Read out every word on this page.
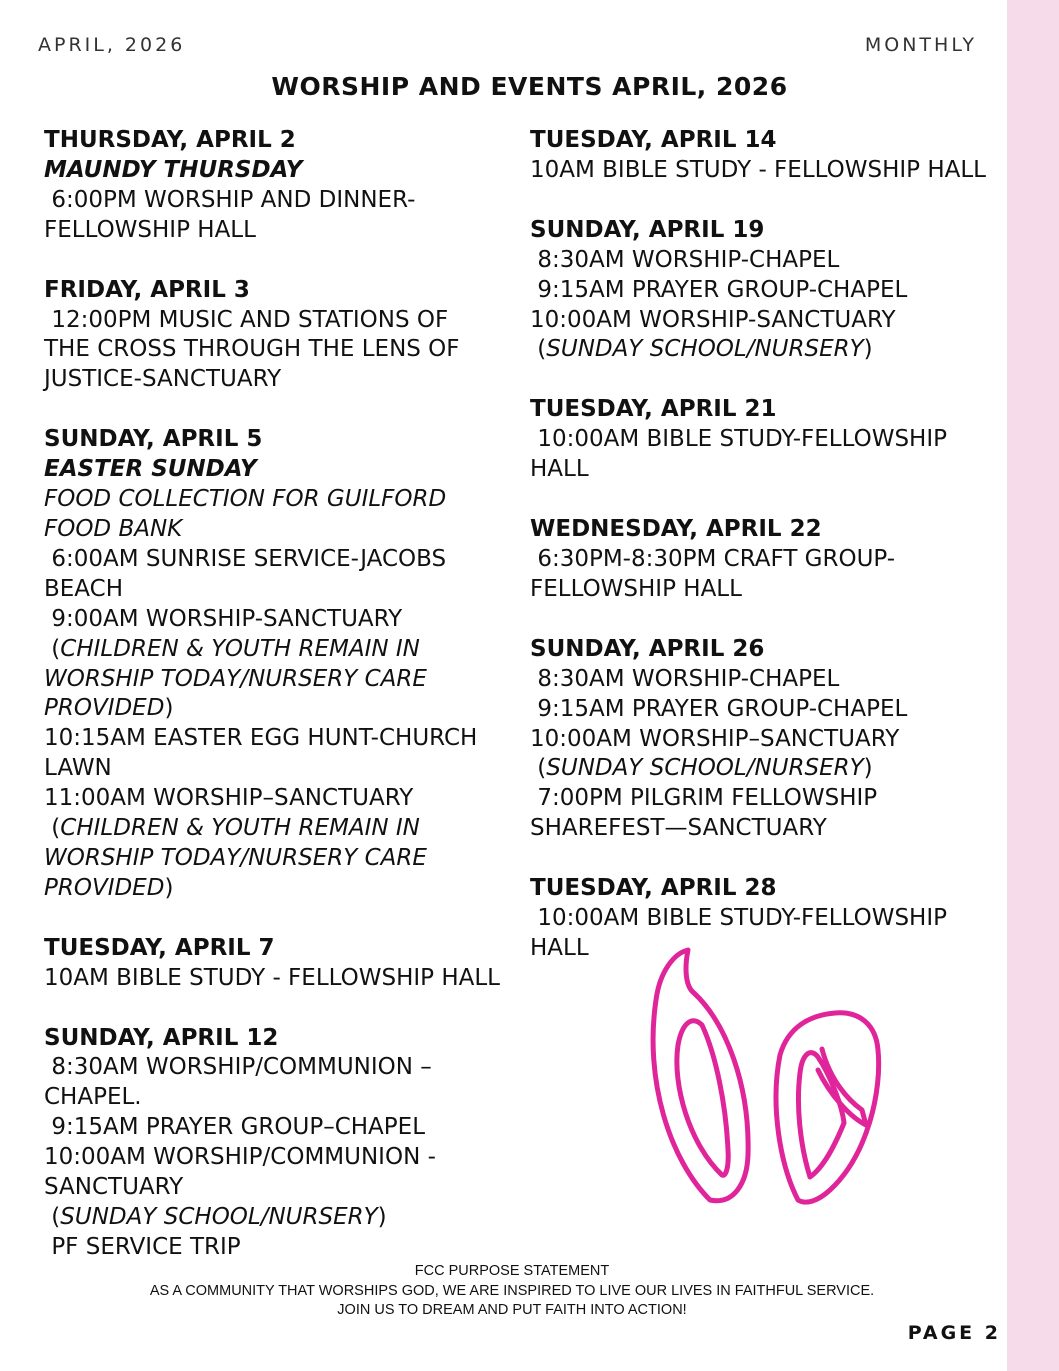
APRIL, 2026	MONTHLY
WORSHIP AND EVENTS APRIL, 2026
THURSDAY, APRIL 2
MAUNDY THURSDAY
6:00PM WORSHIP AND DINNER-
FELLOWSHIP HALL
FRIDAY, APRIL 3
12:00PM MUSIC AND STATIONS OF
THE CROSS THROUGH THE LENS OF
JUSTICE-SANCTUARY
SUNDAY, APRIL 5
EASTER SUNDAY
FOOD COLLECTION FOR GUILFORD
FOOD BANK
6:00AM SUNRISE SERVICE-JACOBS
BEACH
9:00AM WORSHIP-SANCTUARY
(CHILDREN & YOUTH REMAIN IN
WORSHIP TODAY/NURSERY CARE
PROVIDED)
10:15AM EASTER EGG HUNT-CHURCH
LAWN
11:00AM WORSHIP–SANCTUARY
(CHILDREN & YOUTH REMAIN IN
WORSHIP TODAY/NURSERY CARE
PROVIDED)
TUESDAY, APRIL 7
10AM BIBLE STUDY - FELLOWSHIP HALL
SUNDAY, APRIL 12
8:30AM WORSHIP/COMMUNION –
CHAPEL.
9:15AM PRAYER GROUP–CHAPEL
10:00AM WORSHIP/COMMUNION -
SANCTUARY
(SUNDAY SCHOOL/NURSERY)
PF SERVICE TRIP
TUESDAY, APRIL 14
10AM BIBLE STUDY - FELLOWSHIP HALL
SUNDAY, APRIL 19
8:30AM WORSHIP-CHAPEL
9:15AM PRAYER GROUP-CHAPEL
10:00AM WORSHIP-SANCTUARY
(SUNDAY SCHOOL/NURSERY)
TUESDAY, APRIL 21
10:00AM BIBLE STUDY-FELLOWSHIP
HALL
WEDNESDAY, APRIL 22
6:30PM-8:30PM CRAFT GROUP-
FELLOWSHIP HALL
SUNDAY, APRIL 26
8:30AM WORSHIP-CHAPEL
9:15AM PRAYER GROUP-CHAPEL
10:00AM WORSHIP–SANCTUARY
(SUNDAY SCHOOL/NURSERY)
7:00PM PILGRIM FELLOWSHIP
SHAREFEST—SANCTUARY
TUESDAY, APRIL 28
10:00AM BIBLE STUDY-FELLOWSHIP
HALL
FCC PURPOSE STATEMENT
AS A COMMUNITY THAT WORSHIPS GOD, WE ARE INSPIRED TO LIVE OUR LIVES IN FAITHFUL SERVICE.
JOIN US TO DREAM AND PUT FAITH INTO ACTION!
PAGE 2
